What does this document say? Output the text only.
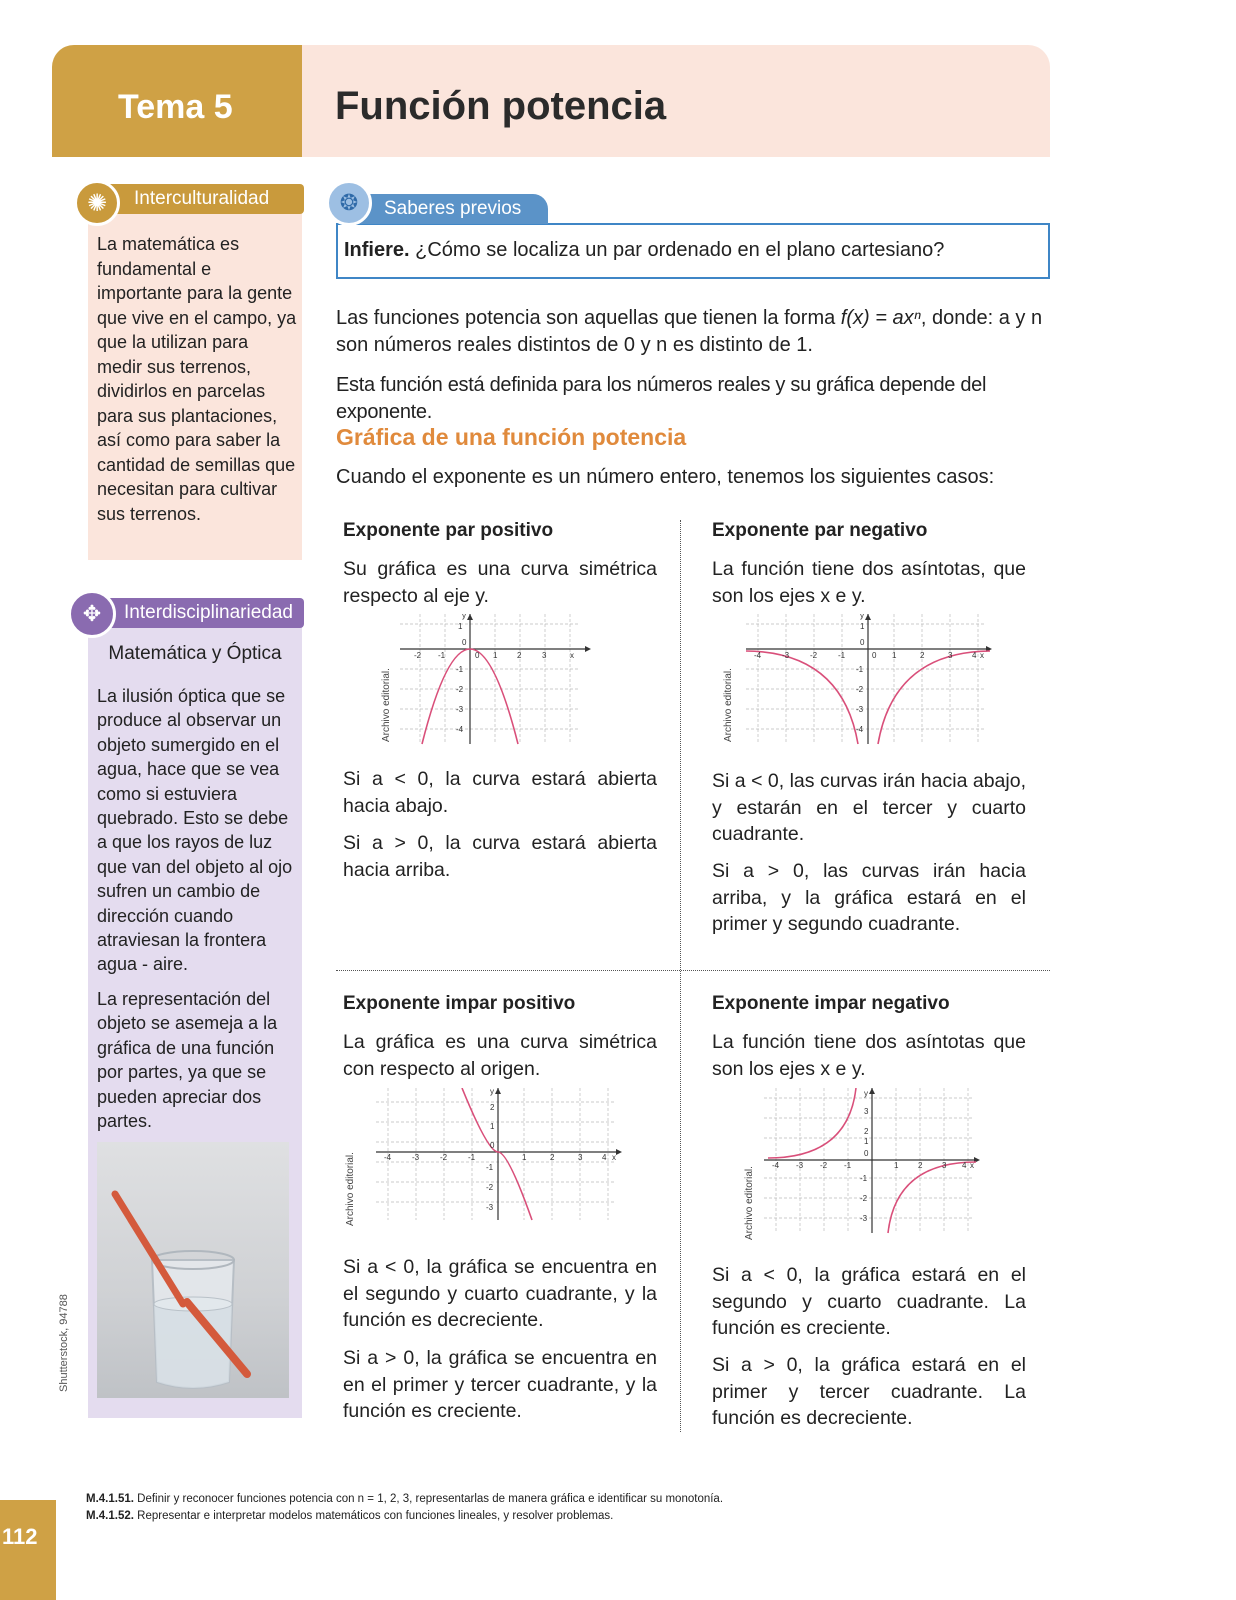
Tema 5	Función potencia
Interculturalidad
✺
La matemática es fundamental e importante para la gente que vive en el campo, ya que la utilizan para medir sus terrenos, dividirlos en parcelas para sus plantaciones, así como para saber la cantidad de semillas que necesitan para cultivar sus terrenos.
Interdisciplinariedad
✥
Matemática y Óptica
La ilusión óptica que se produce al observar un objeto sumergido en el agua, hace que se vea como si estuviera quebrado. Esto se debe a que los rayos de luz que van del objeto al ojo sufren un cambio de dirección cuando atraviesan la frontera agua - aire.
La representación del objeto se asemeja a la gráfica de una función por partes, ya que se pueden apreciar dos partes.
Shutterstock, 94788
Saberes previos
❂
Infiere. ¿Cómo se localiza un par ordenado en el plano cartesiano?
Las funciones potencia son aquellas que tienen la forma f(x) = axⁿ, donde: a y n son números reales distintos de 0 y n es distinto de 1.
Esta función está definida para los números reales y su gráfica depende del exponente.
Gráfica de una función potencia
Cuando el exponente es un número entero, tenemos los siguientes casos:
Exponente par positivo
Su gráfica es una curva simétrica respecto al eje y.
y
0
x
-2 -1	0 1 2	3
1
-1
-2
-3
-4
Archivo editorial.
Si a < 0, la curva estará abierta hacia abajo.
Si a > 0, la curva estará abierta hacia arriba.
Exponente par negativo
La función tiene dos asíntotas, que son los ejes x e y.
y
0
x
-4	-3	-2	-1	0 1	2	3 4
1
-1
-2
-3
-4
Archivo editorial.
Si a < 0, las curvas irán hacia abajo, y estarán en el tercer y cuarto cuadrante.
Si a > 0, las curvas irán hacia arriba, y la gráfica estará en el primer y segundo cuadrante.
Exponente impar positivo
La gráfica es una curva simétrica con respecto al origen.
y
2
1
0
x
-4	-3	-2	-1	1	2	3 4
-1
-2
-3
Archivo editorial.
Si a < 0, la gráfica se encuentra en el segundo y cuarto cuadrante, y la función es decreciente.
Si a > 0, la gráfica se encuentra en en el primer y tercer cuadrante, y la función es creciente.
Exponente impar negativo
La función tiene dos asíntotas que son los ejes x e y.
y
3
2
1
0
x
-4 -3 -2 -1	1 2 3 4
-1
-2
-3
Archivo editorial.
Si a < 0, la gráfica estará en el segundo y cuarto cuadrante. La función es creciente.
Si a > 0, la gráfica estará en el primer y tercer cuadrante. La función es decreciente.
M.4.1.51. Definir y reconocer funciones potencia con n = 1, 2, 3, representarlas de manera gráfica e identificar su monotonía.
M.4.1.52. Representar e interpretar modelos matemáticos con funciones lineales, y resolver problemas.
112
